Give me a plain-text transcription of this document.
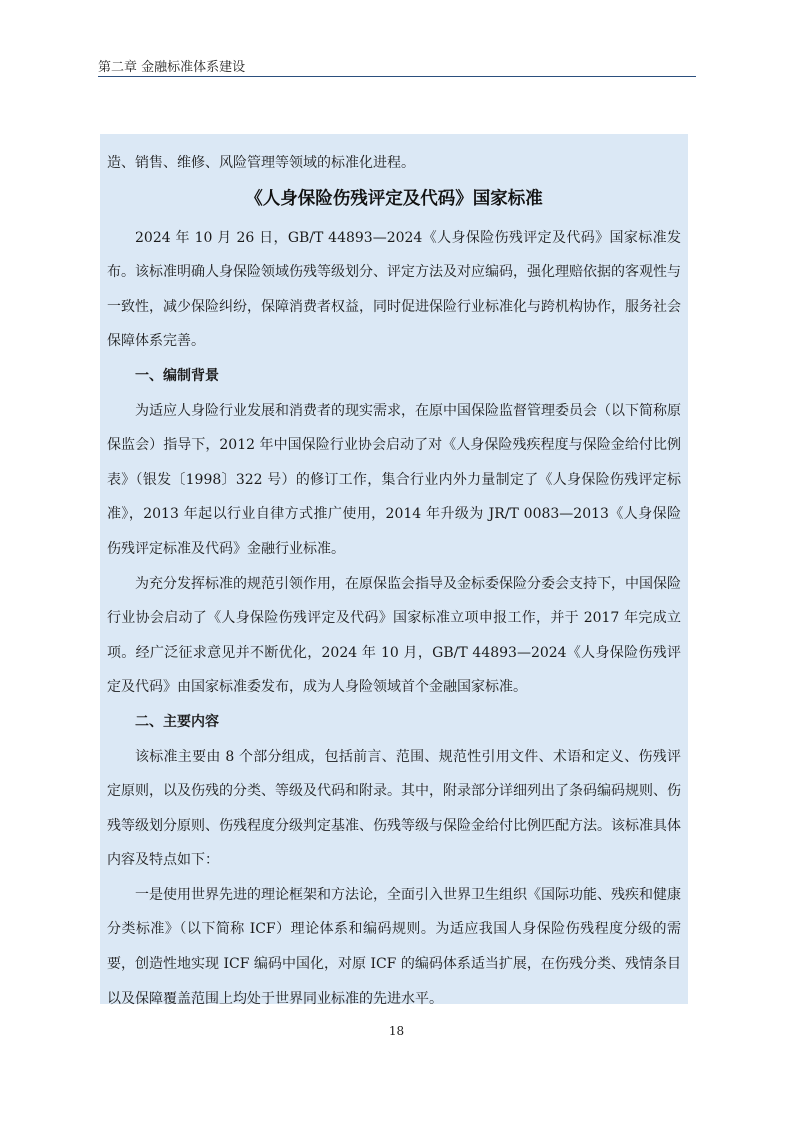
第二章 金融标准体系建设

造、销售、维修、风险管理等领域的标准化进程。

《人身保险伤残评定及代码》国家标准

2024 年 10 月 26 日，GB/T 44893—2024《人身保险伤残评定及代码》国家标准发布。该标准明确人身保险领域伤残等级划分、评定方法及对应编码，强化理赔依据的客观性与一致性，减少保险纠纷，保障消费者权益，同时促进保险行业标准化与跨机构协作，服务社会保障体系完善。

一、编制背景

为适应人身险行业发展和消费者的现实需求，在原中国保险监督管理委员会（以下简称原保监会）指导下，2012 年中国保险行业协会启动了对《人身保险残疾程度与保险金给付比例表》（银发〔1998〕322 号）的修订工作，集合行业内外力量制定了《人身保险伤残评定标准》，2013 年起以行业自律方式推广使用，2014 年升级为 JR/T 0083—2013《人身保险伤残评定标准及代码》金融行业标准。

为充分发挥标准的规范引领作用，在原保监会指导及金标委保险分委会支持下，中国保险行业协会启动了《人身保险伤残评定及代码》国家标准立项申报工作，并于 2017 年完成立项。经广泛征求意见并不断优化，2024 年 10 月，GB/T 44893—2024《人身保险伤残评定及代码》由国家标准委发布，成为人身险领域首个金融国家标准。

二、主要内容

该标准主要由 8 个部分组成，包括前言、范围、规范性引用文件、术语和定义、伤残评定原则，以及伤残的分类、等级及代码和附录。其中，附录部分详细列出了条码编码规则、伤残等级划分原则、伤残程度分级判定基准、伤残等级与保险金给付比例匹配方法。该标准具体内容及特点如下：

一是使用世界先进的理论框架和方法论，全面引入世界卫生组织《国际功能、残疾和健康分类标准》（以下简称 ICF）理论体系和编码规则。为适应我国人身保险伤残程度分级的需要，创造性地实现 ICF 编码中国化，对原 ICF 的编码体系适当扩展，在伤残分类、残情条目以及保障覆盖范围上均处于世界同业标准的先进水平。

18
